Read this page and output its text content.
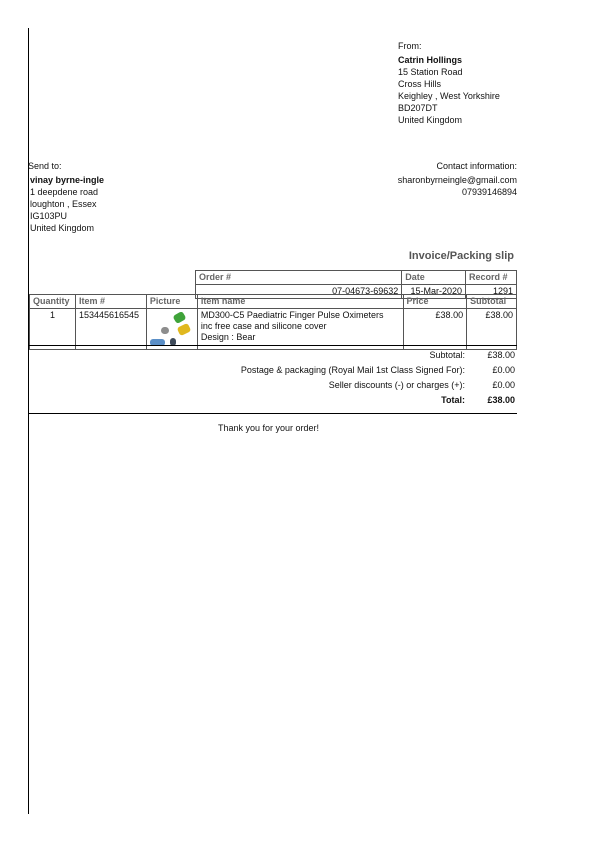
From:
Catrin Hollings
15 Station Road
Cross Hills
Keighley , West Yorkshire
BD207DT
United Kingdom
Send to:
vinay byrne-ingle
1 deepdene road
loughton , Essex
IG103PU
United Kingdom
Contact information:
sharonbyrneingle@gmail.com
07939146894
Invoice/Packing slip
Order #	Date	Record #
07-04673-69632	15-Mar-2020	1291
Quantity	Item #	Picture	Item name	Price	Subtotal
1	153445616545		MD300-C5 Paediatric Finger Pulse Oximeters
inc free case and silicone cover
Design : Bear	£38.00	£38.00
Subtotal:	£38.00
Postage & packaging (Royal Mail 1st Class Signed For):	£0.00
Seller discounts (-) or charges (+):	£0.00
Total:	£38.00
Thank you for your order!
